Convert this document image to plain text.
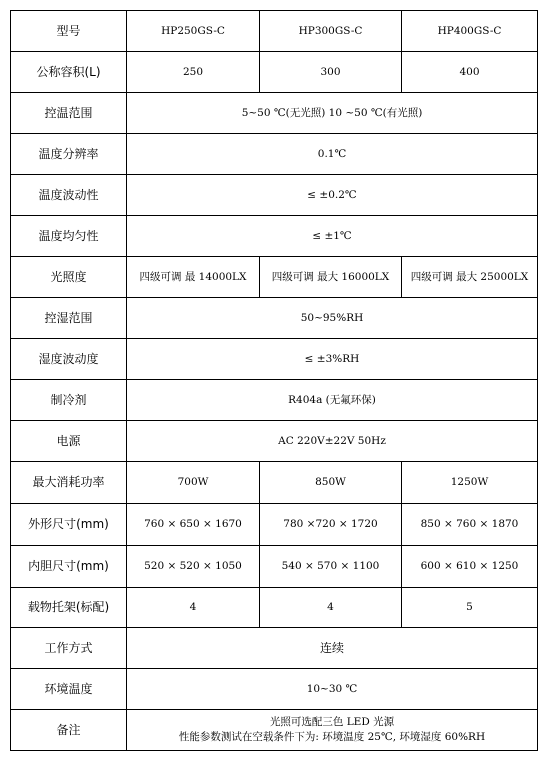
型号	HP250GS-C	HP300GS-C	HP400GS-C
公称容积(L)	250	300	400
控温范围	5~50 ℃(无光照) 10 ~50 ℃(有光照)		
温度分辨率	0.1℃		
温度波动性	≤ ±0.2℃		
温度均匀性	≤ ±1℃		
光照度	四级可调 最 14000LX	四级可调 最大 16000LX	四级可调 最大 25000LX
控湿范围	50~95%RH		
湿度波动度	≤ ±3%RH		
制冷剂	R404a (无氟环保)		
电源	AC 220V±22V 50Hz		
最大消耗功率	700W	850W	1250W
外形尺寸(mm)	760 × 650 × 1670	780 ×720 × 1720	850 × 760 × 1870
内胆尺寸(mm)	520 × 520 × 1050	540 × 570 × 1100	600 × 610 × 1250
载物托架(标配)	4	4	5
工作方式	连续		
环境温度	10~30 ℃		
备注	光照可选配三色 LED 光源
性能参数测试在空载条件下为: 环境温度 25℃, 环境湿度 60%RH		
